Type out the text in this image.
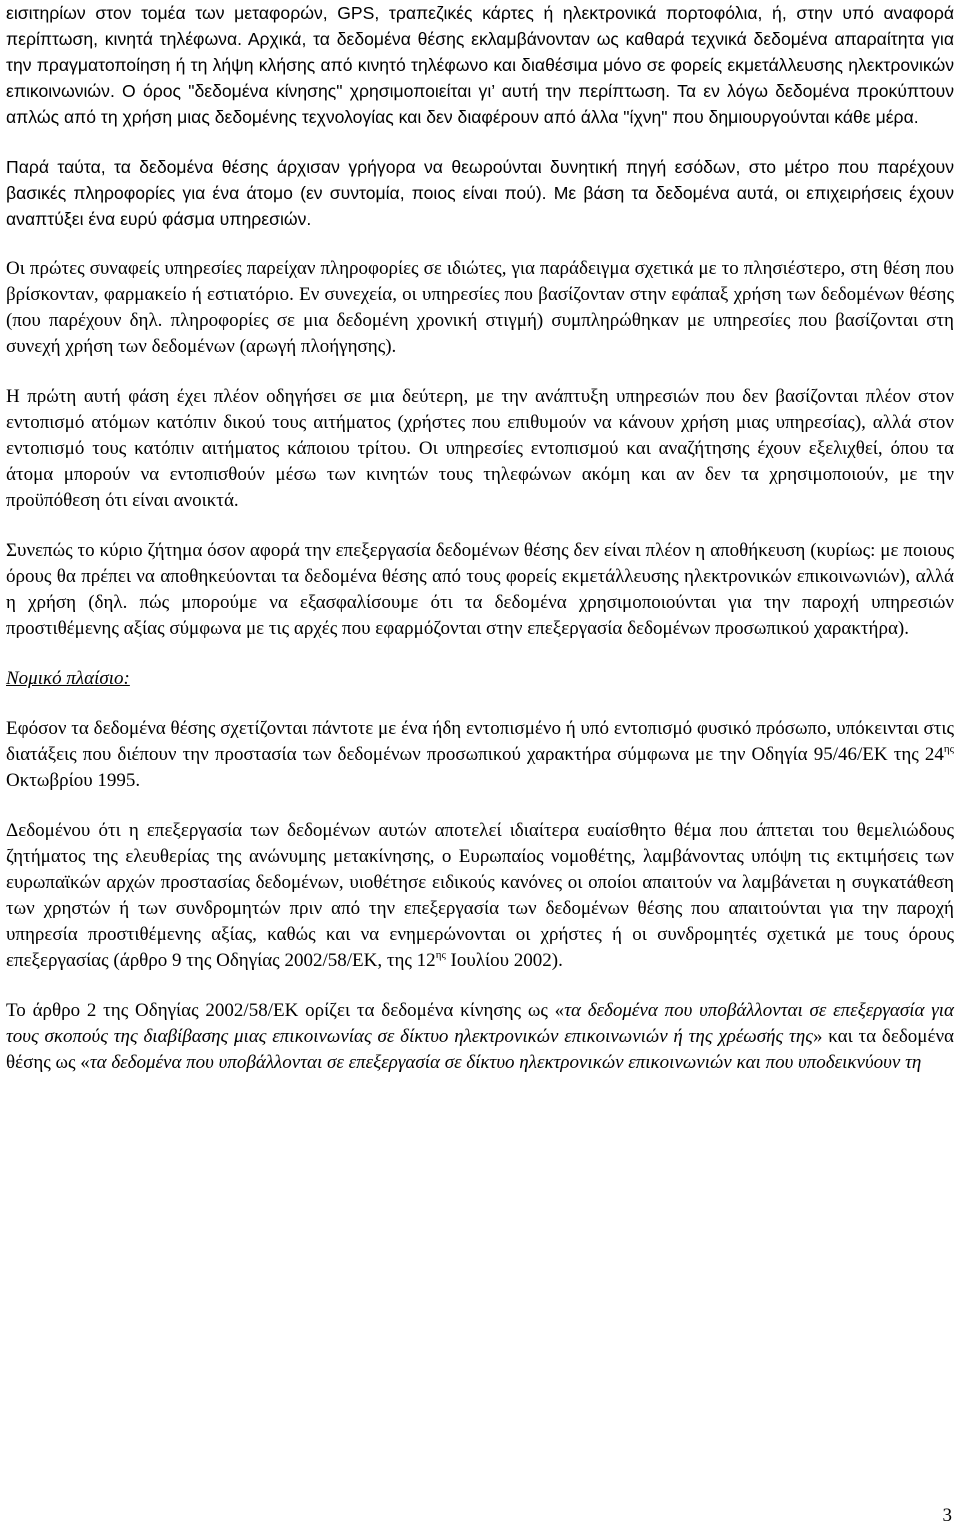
εισιτηρίων στον τομέα των μεταφορών, GPS, τραπεζικές κάρτες ή ηλεκτρονικά πορτοφόλια, ή, στην υπό αναφορά περίπτωση, κινητά τηλέφωνα. Αρχικά, τα δεδομένα θέσης εκλαμβάνονταν ως καθαρά τεχνικά δεδομένα απαραίτητα για την πραγματοποίηση ή τη λήψη κλήσης από κινητό τηλέφωνο και διαθέσιμα μόνο σε φορείς εκμετάλλευσης ηλεκτρονικών επικοινωνιών. Ο όρος "δεδομένα κίνησης" χρησιμοποιείται γι’ αυτή την περίπτωση. Τα εν λόγω δεδομένα προκύπτουν απλώς από τη χρήση μιας δεδομένης τεχνολογίας και δεν διαφέρουν από άλλα "ίχνη" που δημιουργούνται κάθε μέρα.

Παρά ταύτα, τα δεδομένα θέσης άρχισαν γρήγορα να θεωρούνται δυνητική πηγή εσόδων, στο μέτρο που παρέχουν βασικές πληροφορίες για ένα άτομο (εν συντομία, ποιος είναι πού). Με βάση τα δεδομένα αυτά, οι επιχειρήσεις έχουν αναπτύξει ένα ευρύ φάσμα υπηρεσιών.

Οι πρώτες συναφείς υπηρεσίες παρείχαν πληροφορίες σε ιδιώτες, για παράδειγμα σχετικά με το πλησιέστερο, στη θέση που βρίσκονταν, φαρμακείο ή εστιατόριο. Εν συνεχεία, οι υπηρεσίες που βασίζονταν στην εφάπαξ χρήση των δεδομένων θέσης (που παρέχουν δηλ. πληροφορίες σε μια δεδομένη χρονική στιγμή) συμπληρώθηκαν με υπηρεσίες που βασίζονται στη συνεχή χρήση των δεδομένων (αρωγή πλοήγησης).

Η πρώτη αυτή φάση έχει πλέον οδηγήσει σε μια δεύτερη, με την ανάπτυξη υπηρεσιών που δεν βασίζονται πλέον στον εντοπισμό ατόμων κατόπιν δικού τους αιτήματος (χρήστες που επιθυμούν να κάνουν χρήση μιας υπηρεσίας), αλλά στον εντοπισμό τους κατόπιν αιτήματος κάποιου τρίτου. Οι υπηρεσίες εντοπισμού και αναζήτησης έχουν εξελιχθεί, όπου τα άτομα μπορούν να εντοπισθούν μέσω των κινητών τους τηλεφώνων ακόμη και αν δεν τα χρησιμοποιούν, με την προϋπόθεση ότι είναι ανοικτά.

Συνεπώς το κύριο ζήτημα όσον αφορά την επεξεργασία δεδομένων θέσης δεν είναι πλέον η αποθήκευση (κυρίως: με ποιους όρους θα πρέπει να αποθηκεύονται τα δεδομένα θέσης από τους φορείς εκμετάλλευσης ηλεκτρονικών επικοινωνιών), αλλά η χρήση (δηλ. πώς μπορούμε να εξασφαλίσουμε ότι τα δεδομένα χρησιμοποιούνται για την παροχή υπηρεσιών προστιθέμενης αξίας σύμφωνα με τις αρχές που εφαρμόζονται στην επεξεργασία δεδομένων προσωπικού χαρακτήρα).

Νομικό πλαίσιο:

Εφόσον τα δεδομένα θέσης σχετίζονται πάντοτε με ένα ήδη εντοπισμένο ή υπό εντοπισμό φυσικό πρόσωπο, υπόκεινται στις διατάξεις που διέπουν την προστασία των δεδομένων προσωπικού χαρακτήρα σύμφωνα με την Οδηγία 95/46/ΕΚ της $24^{\eta\varsigma}$ Οκτωβρίου 1995.

Δεδομένου ότι η επεξεργασία των δεδομένων αυτών αποτελεί ιδιαίτερα ευαίσθητο θέμα που άπτεται του θεμελιώδους ζητήματος της ελευθερίας της ανώνυμης μετακίνησης, ο Ευρωπαίος νομοθέτης, λαμβάνοντας υπόψη τις εκτιμήσεις των ευρωπαϊκών αρχών προστασίας δεδομένων, υιοθέτησε ειδικούς κανόνες οι οποίοι απαιτούν να λαμβάνεται η συγκατάθεση των χρηστών ή των συνδρομητών πριν από την επεξεργασία των δεδομένων θέσης που απαιτούνται για την παροχή υπηρεσία προστιθέμενης αξίας, καθώς και να ενημερώνονται οι χρήστες ή οι συνδρομητές σχετικά με τους όρους επεξεργασίας (άρθρο 9 της Οδηγίας 2002/58/ΕΚ, της $12^{\eta\varsigma}$ Ιουλίου 2002).

Το άρθρο 2 της Οδηγίας 2002/58/ΕΚ ορίζει τα δεδομένα κίνησης ως «τα δεδομένα που υποβάλλονται σε επεξεργασία για τους σκοπούς της διαβίβασης μιας επικοινωνίας σε δίκτυο ηλεκτρονικών επικοινωνιών ή της χρέωσής της» και τα δεδομένα θέσης ως «τα δεδομένα που υποβάλλονται σε επεξεργασία σε δίκτυο ηλεκτρονικών επικοινωνιών και που υποδεικνύουν τη

3
